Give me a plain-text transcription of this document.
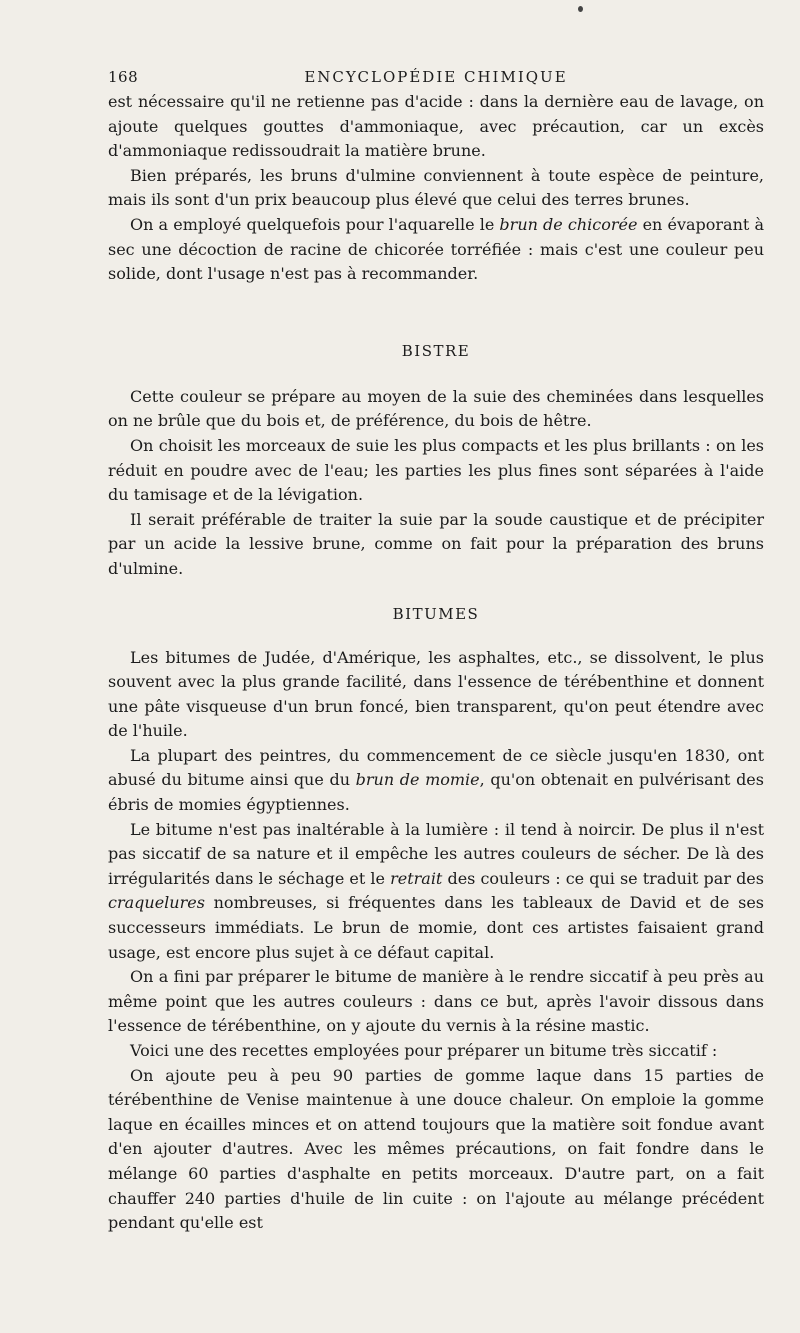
168	ENCYCLOPÉDIE CHIMIQUE

est nécessaire qu'il ne retienne pas d'acide : dans la dernière eau de lavage, on ajoute quelques gouttes d'ammoniaque, avec précaution, car un excès d'ammoniaque redissoudrait la matière brune.

Bien préparés, les bruns d'ulmine conviennent à toute espèce de peinture, mais ils sont d'un prix beaucoup plus élevé que celui des terres brunes.

On a employé quelquefois pour l'aquarelle le brun de chicorée en évaporant à sec une décoction de racine de chicorée torréfiée : mais c'est une couleur peu solide, dont l'usage n'est pas à recommander.

BISTRE

Cette couleur se prépare au moyen de la suie des cheminées dans lesquelles on ne brûle que du bois et, de préférence, du bois de hêtre.

On choisit les morceaux de suie les plus compacts et les plus brillants : on les réduit en poudre avec de l'eau; les parties les plus fines sont séparées à l'aide du tamisage et de la lévigation.

Il serait préférable de traiter la suie par la soude caustique et de précipiter par un acide la lessive brune, comme on fait pour la préparation des bruns d'ulmine.

BITUMES

Les bitumes de Judée, d'Amérique, les asphaltes, etc., se dissolvent, le plus souvent avec la plus grande facilité, dans l'essence de térébenthine et donnent une pâte visqueuse d'un brun foncé, bien transparent, qu'on peut étendre avec de l'huile.

La plupart des peintres, du commencement de ce siècle jusqu'en 1830, ont abusé du bitume ainsi que du brun de momie, qu'on obtenait en pulvérisant des ébris de momies égyptiennes.

Le bitume n'est pas inaltérable à la lumière : il tend à noircir. De plus il n'est pas siccatif de sa nature et il empêche les autres couleurs de sécher. De là des irrégularités dans le séchage et le retrait des couleurs : ce qui se traduit par des craquelures nombreuses, si fréquentes dans les tableaux de David et de ses successeurs immédiats. Le brun de momie, dont ces artistes faisaient grand usage, est encore plus sujet à ce défaut capital.

On a fini par préparer le bitume de manière à le rendre siccatif à peu près au même point que les autres couleurs : dans ce but, après l'avoir dissous dans l'essence de térébenthine, on y ajoute du vernis à la résine mastic.

Voici une des recettes employées pour préparer un bitume très siccatif :

On ajoute peu à peu 90 parties de gomme laque dans 15 parties de térébenthine de Venise maintenue à une douce chaleur. On emploie la gomme laque en écailles minces et on attend toujours que la matière soit fondue avant d'en ajouter d'autres. Avec les mêmes précautions, on fait fondre dans le mélange 60 parties d'asphalte en petits morceaux. D'autre part, on a fait chauffer 240 parties d'huile de lin cuite : on l'ajoute au mélange précédent pendant qu'elle est
